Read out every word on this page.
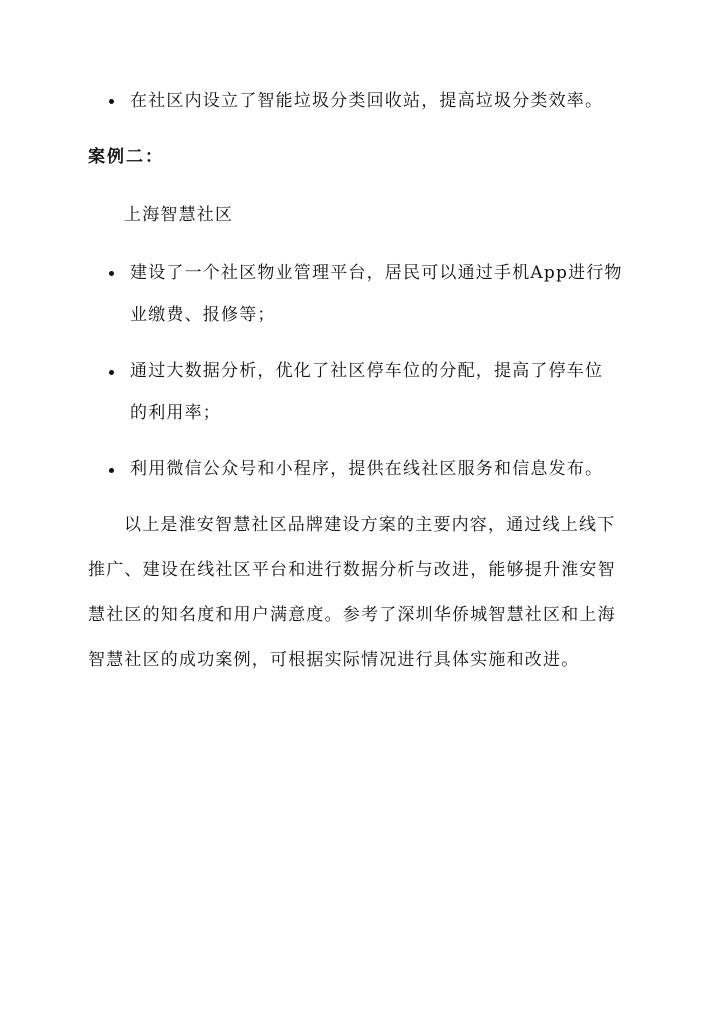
在社区内设立了智能垃圾分类回收站，提高垃圾分类效率。
案例二：
上海智慧社区
建设了一个社区物业管理平台，居民可以通过手机App进行物
业缴费、报修等；
通过大数据分析，优化了社区停车位的分配，提高了停车位
的利用率；
利用微信公众号和小程序，提供在线社区服务和信息发布。
以上是淮安智慧社区品牌建设方案的主要内容，通过线上线下
推广、建设在线社区平台和进行数据分析与改进，能够提升淮安智
慧社区的知名度和用户满意度。参考了深圳华侨城智慧社区和上海
智慧社区的成功案例，可根据实际情况进行具体实施和改进。
